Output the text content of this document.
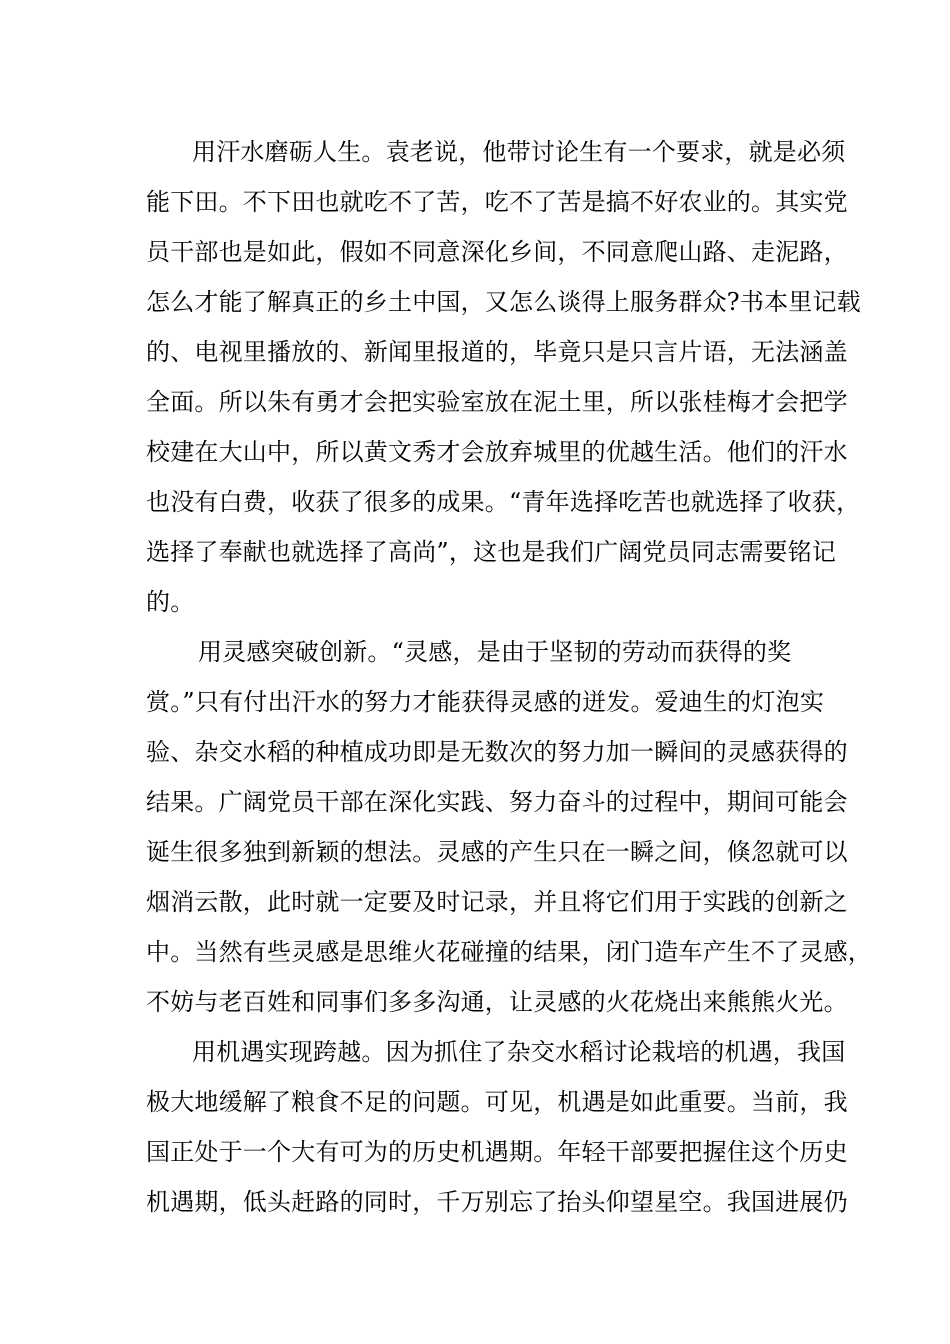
用汗水磨砺人生。袁老说，他带讨论生有一个要求，就是必须
能下田。不下田也就吃不了苦，吃不了苦是搞不好农业的。其实党
员干部也是如此，假如不同意深化乡间，不同意爬山路、走泥路，
怎么才能了解真正的乡土中国，又怎么谈得上服务群众?书本里记载
的、电视里播放的、新闻里报道的，毕竟只是只言片语，无法涵盖
全面。所以朱有勇才会把实验室放在泥土里，所以张桂梅才会把学
校建在大山中，所以黄文秀才会放弃城里的优越生活。他们的汗水
也没有白费，收获了很多的成果。“青年选择吃苦也就选择了收获，
选择了奉献也就选择了高尚”，这也是我们广阔党员同志需要铭记
的。
用灵感突破创新。“灵感，是由于坚韧的劳动而获得的奖
赏。”只有付出汗水的努力才能获得灵感的迸发。爱迪生的灯泡实
验、杂交水稻的种植成功即是无数次的努力加一瞬间的灵感获得的
结果。广阔党员干部在深化实践、努力奋斗的过程中，期间可能会
诞生很多独到新颖的想法。灵感的产生只在一瞬之间，倏忽就可以
烟消云散，此时就一定要及时记录，并且将它们用于实践的创新之
中。当然有些灵感是思维火花碰撞的结果，闭门造车产生不了灵感，
不妨与老百姓和同事们多多沟通，让灵感的火花烧出来熊熊火光。
用机遇实现跨越。因为抓住了杂交水稻讨论栽培的机遇，我国
极大地缓解了粮食不足的问题。可见，机遇是如此重要。当前，我
国正处于一个大有可为的历史机遇期。年轻干部要把握住这个历史
机遇期，低头赶路的同时，千万别忘了抬头仰望星空。我国进展仍
